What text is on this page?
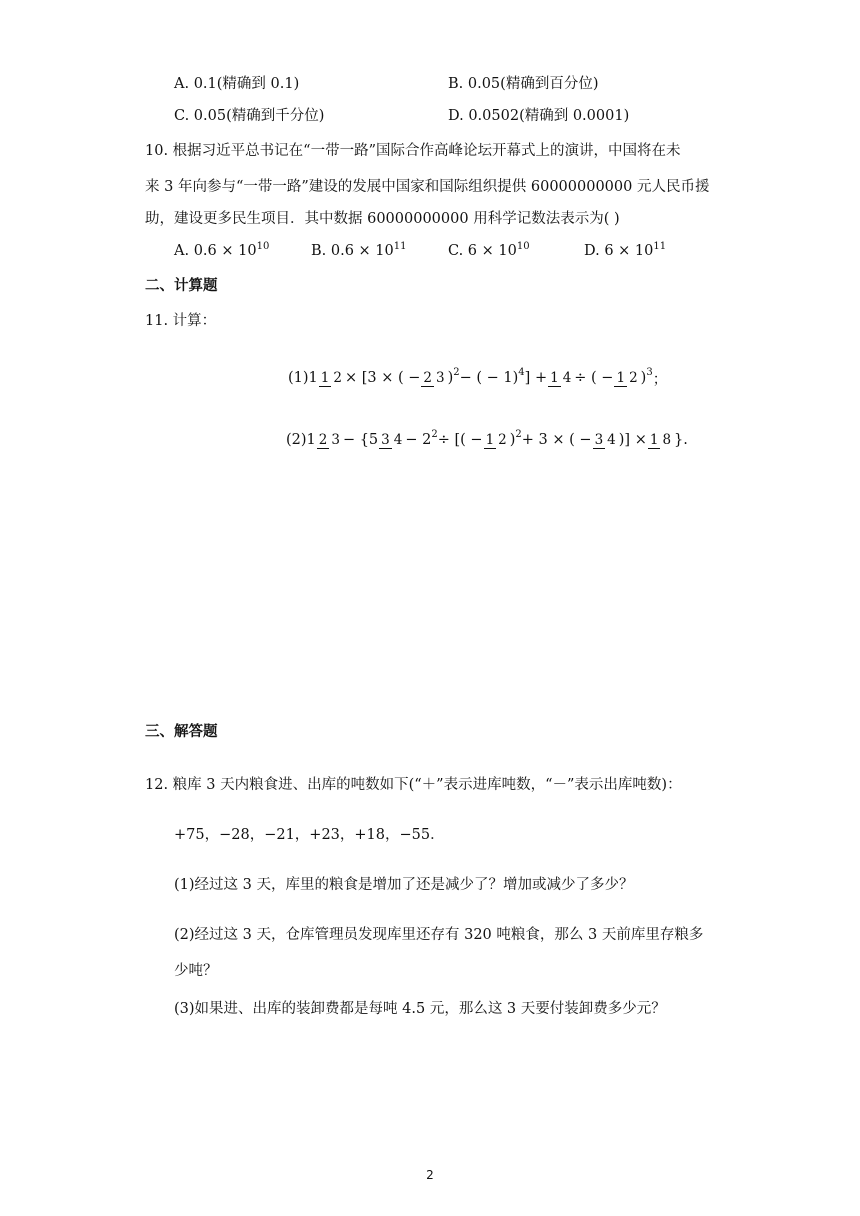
A. 0.1(精确到 0.1)	B. 0.05(精确到百分位)
C. 0.05(精确到千分位)	D. 0.0502(精确到 0.0001)
10. 根据习近平总书记在“一带一路”国际合作高峰论坛开幕式上的演讲，中国将在未
来 3 年向参与“一带一路”建设的发展中国家和国际组织提供 60000000000 元人民币援
助，建设更多民生项目．其中数据 60000000000 用科学记数法表示为( )
A. $0.6 \times 10^{10}$	B. $0.6 \times 10^{11}$	C. $6 \times 10^{10}$	D. $6 \times 10^{11}$
二、计算题
11. 计算：
(1)1 1 2 × [3 × ( − 2 3 )$^2$ − ( − 1)$^4$ ] + 1 4 ÷ ( − 1 2 )$^3$ ；
(2)1 2 3 − {5 3 $4 - 2^2$ ÷ [( − 1 2 )$^2$ + 3 × ( − 3 4 )] × 1 8 }.
三、解答题
12. 粮库 3 天内粮食进、出库的吨数如下(“＋”表示进库吨数，“－”表示出库吨数)：
+75，−28，−21，+23，+18，−55．
(1)经过这 3 天，库里的粮食是增加了还是减少了？增加或减少了多少？
(2)经过这 3 天，仓库管理员发现库里还存有 320 吨粮食，那么 3 天前库里存粮多
少吨？
(3)如果进、出库的装卸费都是每吨 4.5 元，那么这 3 天要付装卸费多少元？
2
